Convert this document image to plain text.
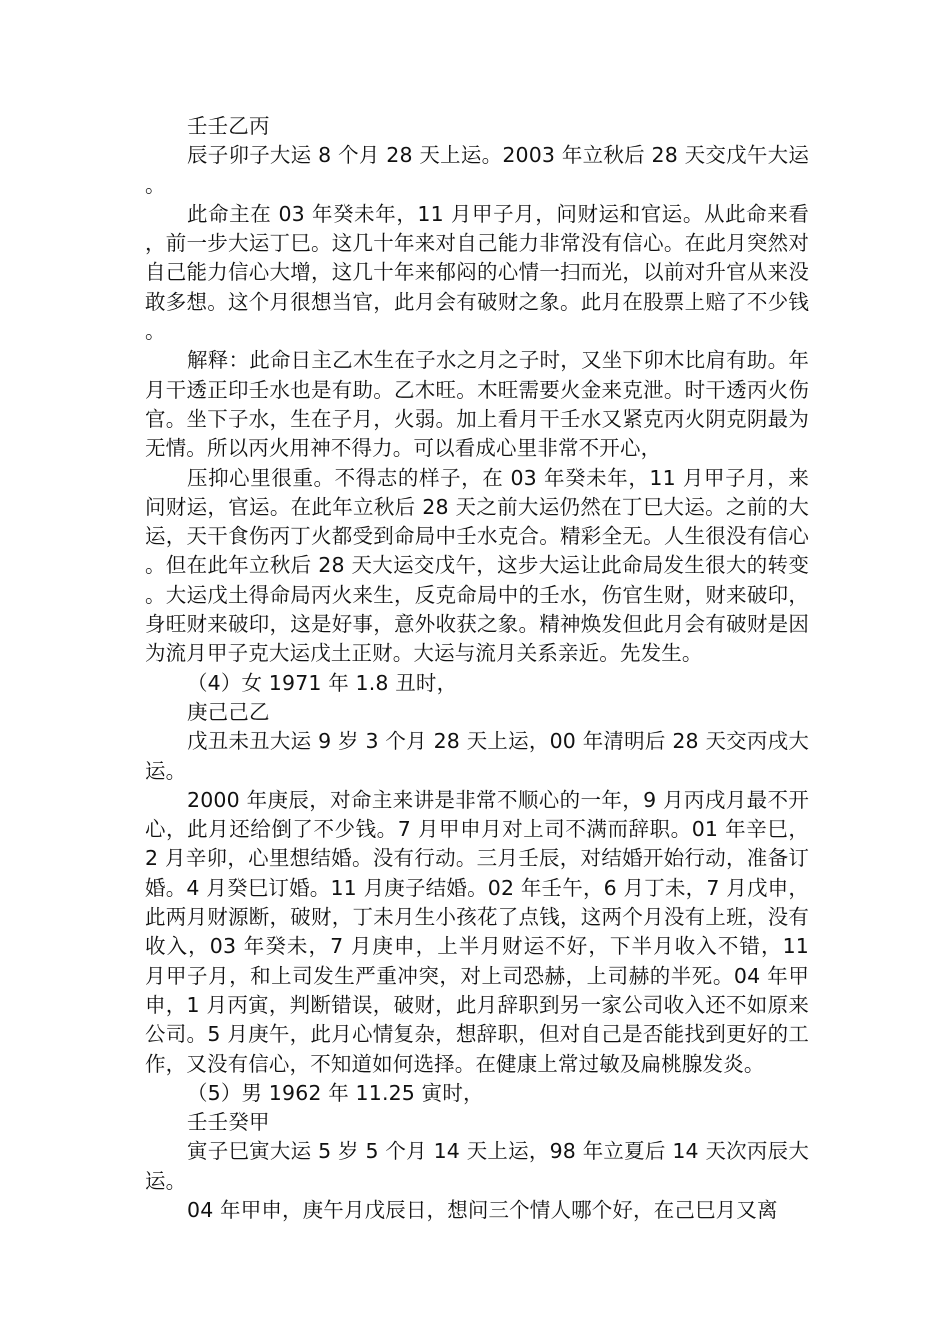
壬壬乙丙

辰子卯子大运 8 个月 28 天上运。2003 年立秋后 28 天交戊午大运。

此命主在 03 年癸未年，11 月甲子月，问财运和官运。从此命来看，前一步大运丁巳。这几十年来对自己能力非常没有信心。在此月突然对自己能力信心大增，这几十年来郁闷的心情一扫而光，以前对升官从来没敢多想。这个月很想当官，此月会有破财之象。此月在股票上赔了不少钱。

解释：此命日主乙木生在子水之月之子时，又坐下卯木比肩有助。年月干透正印壬水也是有助。乙木旺。木旺需要火金来克泄。时干透丙火伤官。坐下子水，生在子月，火弱。加上看月干壬水又紧克丙火阴克阴最为无情。所以丙火用神不得力。可以看成心里非常不开心，

压抑心里很重。不得志的样子，在 03 年癸未年，11 月甲子月，来问财运，官运。在此年立秋后 28 天之前大运仍然在丁巳大运。之前的大运，天干食伤丙丁火都受到命局中壬水克合。精彩全无。人生很没有信心。但在此年立秋后 28 天大运交戊午，这步大运让此命局发生很大的转变。大运戊土得命局丙火来生，反克命局中的壬水，伤官生财，财来破印，身旺财来破印，这是好事，意外收获之象。精神焕发但此月会有破财是因为流月甲子克大运戊土正财。大运与流月关系亲近。先发生。

（4）女 1971 年 1.8 丑时，

庚己己乙

戊丑未丑大运 9 岁 3 个月 28 天上运，00 年清明后 28 天交丙戌大运。

2000 年庚辰，对命主来讲是非常不顺心的一年，9 月丙戌月最不开心，此月还给倒了不少钱。7 月甲申月对上司不满而辞职。01 年辛巳，2 月辛卯，心里想结婚。没有行动。三月壬辰，对结婚开始行动，准备订婚。4 月癸巳订婚。11 月庚子结婚。02 年壬午，6 月丁未，7 月戊申，此两月财源断，破财，丁未月生小孩花了点钱，这两个月没有上班，没有收入，03 年癸未，7 月庚申，上半月财运不好，下半月收入不错，11 月甲子月，和上司发生严重冲突，对上司恐赫，上司赫的半死。04 年甲申，1 月丙寅，判断错误，破财，此月辞职到另一家公司收入还不如原来公司。5 月庚午，此月心情复杂，想辞职，但对自己是否能找到更好的工作，又没有信心，不知道如何选择。在健康上常过敏及扁桃腺发炎。

（5）男 1962 年 11.25 寅时，

壬壬癸甲

寅子巳寅大运 5 岁 5 个月 14 天上运，98 年立夏后 14 天次丙辰大运。

04 年甲申，庚午月戊辰日，想问三个情人哪个好，在己巳月又离
